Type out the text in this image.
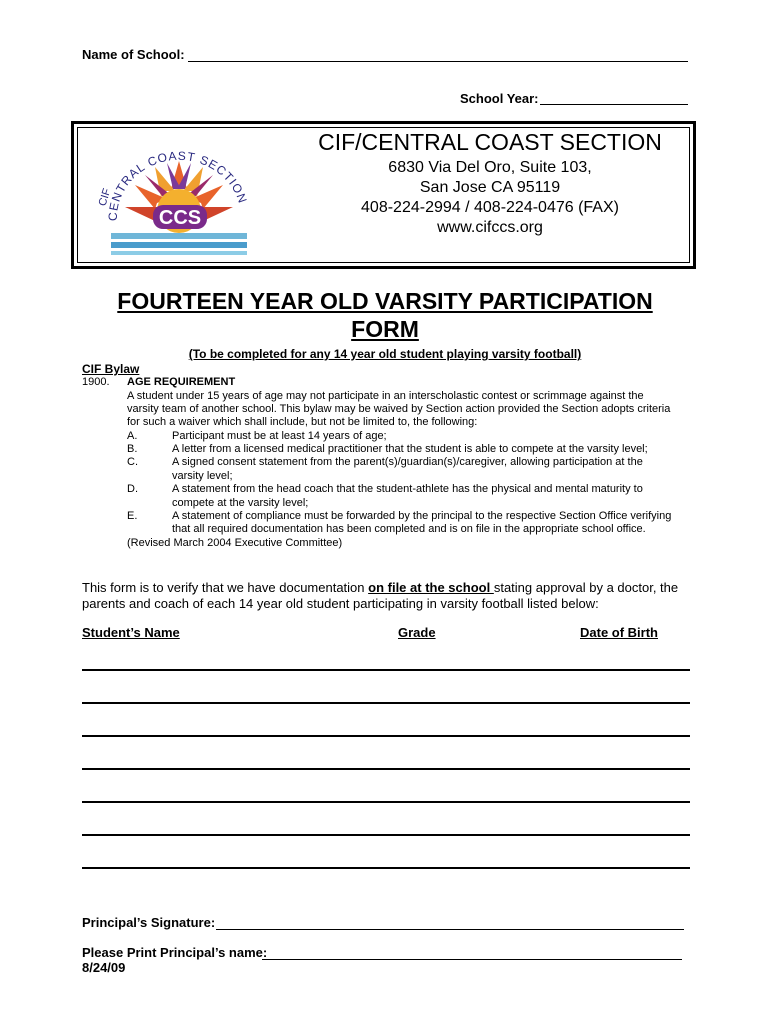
Name of School:
School Year:
CENTRAL COAST SECTION
CIF
CCS
CIF/CENTRAL COAST SECTION
6830 Via Del Oro, Suite 103,
San Jose CA 95119
408-224-2994 / 408-224-0476 (FAX)
www.cifccs.org
FOURTEEN YEAR OLD VARSITY PARTICIPATION
FORM
(To be completed for any 14 year old student playing varsity football)
CIF Bylaw
1900. AGE REQUIREMENT
A student under 15 years of age may not participate in an interscholastic contest or scrimmage against the
varsity team of another school. This bylaw may be waived by Section action provided the Section adopts criteria
for such a waiver which shall include, but not be limited to, the following:
A.	Participant must be at least 14 years of age;
B.	A letter from a licensed medical practitioner that the student is able to compete at the varsity level;
C.	A signed consent statement from the parent(s)/guardian(s)/caregiver, allowing participation at the
varsity level;
D.	A statement from the head coach that the student-athlete has the physical and mental maturity to
compete at the varsity level;
E.	A statement of compliance must be forwarded by the principal to the respective Section Office verifying
that all required documentation has been completed and is on file in the appropriate school office.
(Revised March 2004 Executive Committee)
This form is to verify that we have documentation on file at the school stating approval by a doctor, the
parents and coach of each 14 year old student participating in varsity football listed below:
Student’s Name	Grade	Date of Birth
Principal’s Signature:
Please Print Principal’s name:
8/24/09
